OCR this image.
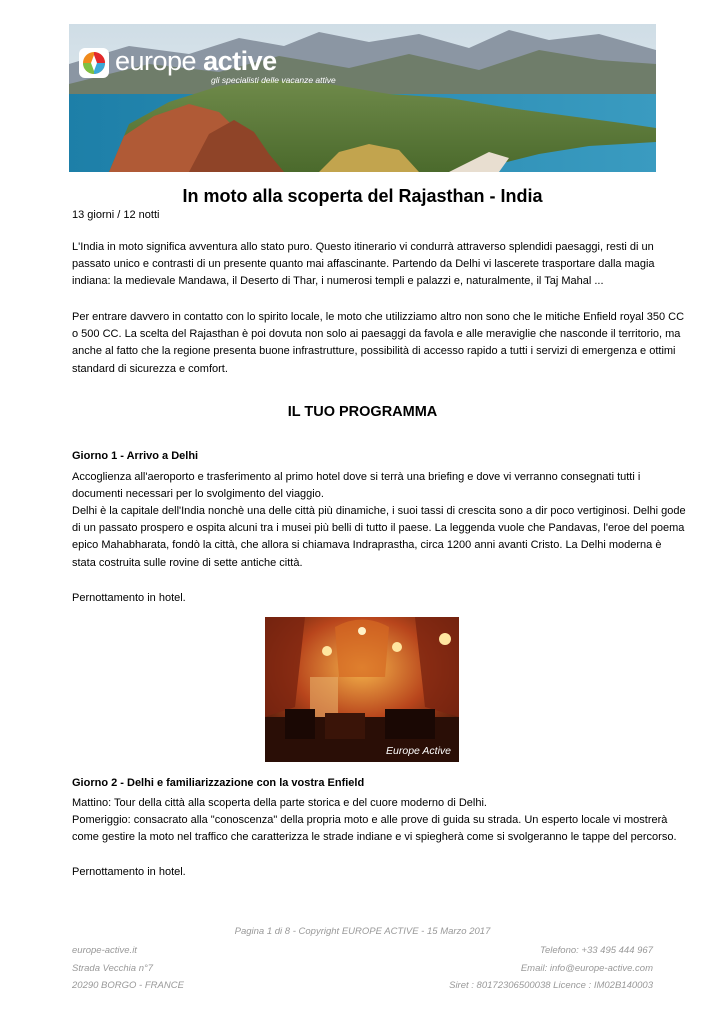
europe active
gli specialisti delle vacanze attive
In moto alla scoperta del Rajasthan - India
13 giorni / 12 notti

L'India in moto significa avventura allo stato puro. Questo itinerario vi condurrà attraverso splendidi paesaggi, resti di un passato unico e contrasti di un presente quanto mai affascinante. Partendo da Delhi vi lascerete trasportare dalla magia indiana: la medievale Mandawa, il Deserto di Thar, i numerosi templi e palazzi e, naturalmente, il Taj Mahal ...

Per entrare davvero in contatto con lo spirito locale, le moto che utilizziamo altro non sono che le mitiche Enfield royal 350 CC o 500 CC. La scelta del Rajasthan è poi dovuta non solo ai paesaggi da favola e alle meraviglie che nasconde il territorio, ma anche al fatto che la regione presenta buone infrastrutture, possibilità di accesso rapido a tutti i servizi di emergenza e ottimi standard di sicurezza e comfort.

IL TUO PROGRAMMA
Giorno 1 - Arrivo a Delhi

Accoglienza all'aeroporto e trasferimento al primo hotel dove si terrà una briefing e dove vi verranno consegnati tutti i documenti necessari per lo svolgimento del viaggio.

Delhi è la capitale dell'India nonchè una delle città più dinamiche, i suoi tassi di crescita sono a dir poco vertiginosi. Delhi gode di un passato prospero e ospita alcuni tra i musei più belli di tutto il paese. La leggenda vuole che Pandavas, l'eroe del poema epico Mahabharata, fondò la città, che allora si chiamava Indraprastha, circa 1200 anni avanti Cristo. La Delhi moderna è stata costruita sulle rovine di sette antiche città.

Pernottamento in hotel.

Europe Active
Giorno 2 - Delhi e familiarizzazione con la vostra Enfield

Mattino: Tour della città alla scoperta della parte storica e del cuore moderno di Delhi.

Pomeriggio: consacrato alla "conoscenza" della propria moto e alle prove di guida su strada. Un esperto locale vi mostrerà come gestire la moto nel traffico che caratterizza le strade indiane e vi spiegherà come si svolgeranno le tappe del percorso.

Pernottamento in hotel.

Pagina 1 di 8 - Copyright EUROPE ACTIVE - 15 Marzo 2017
europe-active.it
Strada Vecchia n°7
20290 BORGO - FRANCE
Telefono: +33 495 444 967
Email: info@europe-active.com
Siret : 80172306500038 Licence : IM02B140003
